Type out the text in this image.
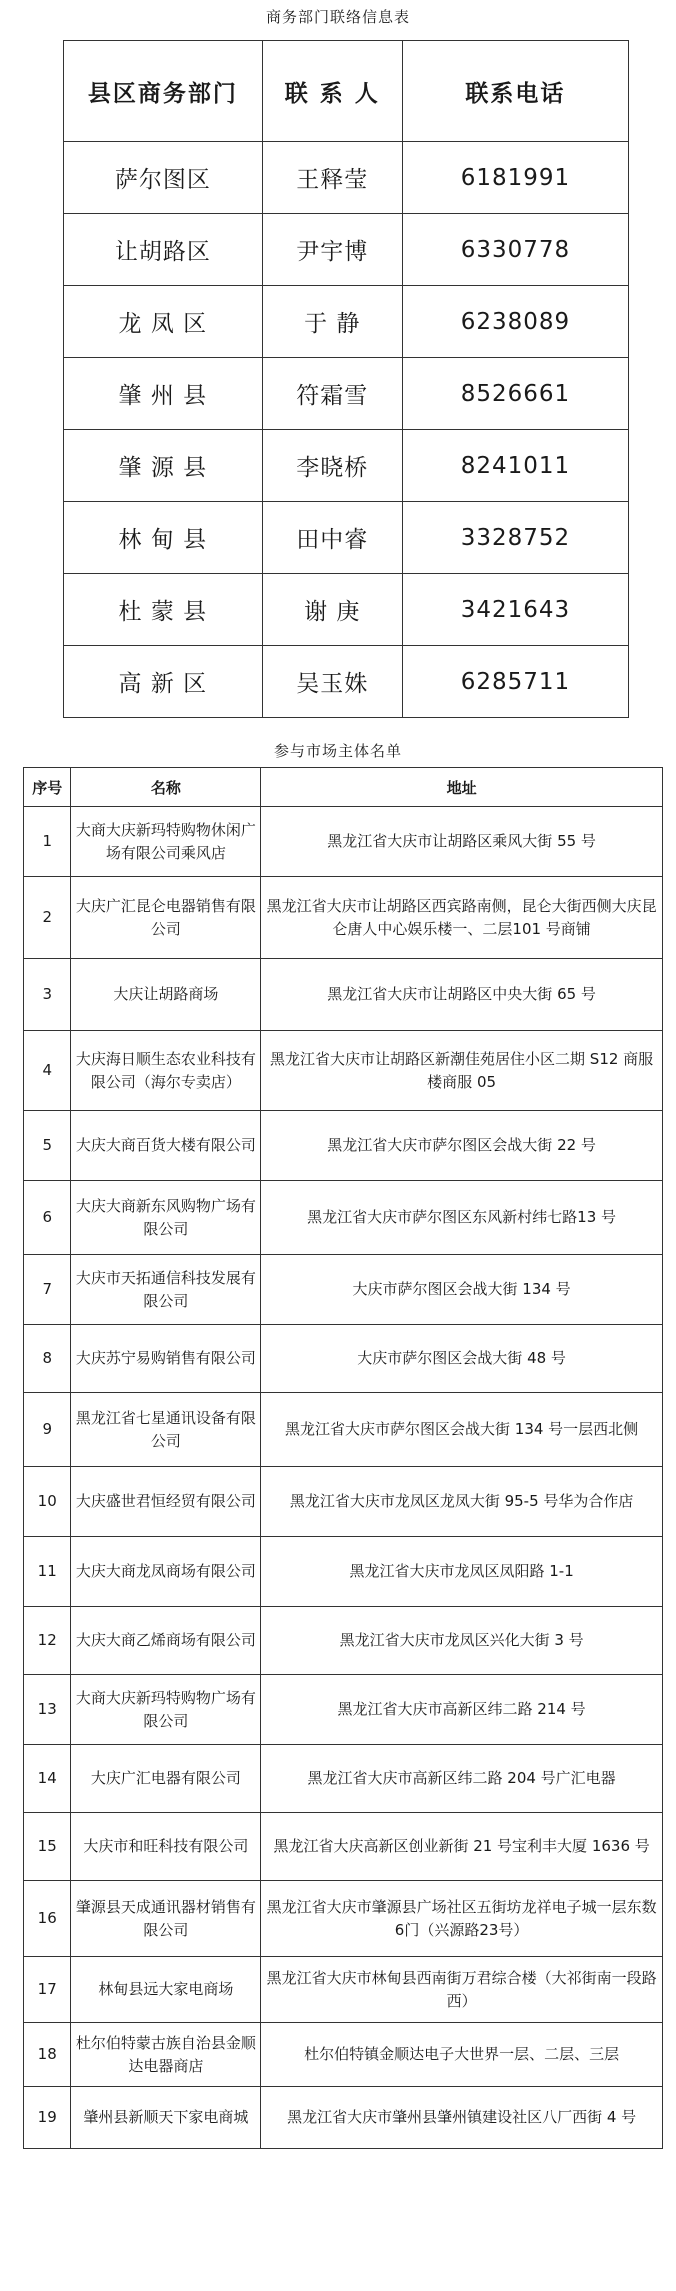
商务部门联络信息表
县区商务部门	联 系 人	联系电话
萨尔图区	王释莹	6181991
让胡路区	尹宇博	6330778
龙 凤 区	于 静	6238089
肇 州 县	符霜雪	8526661
肇 源 县	李晓桥	8241011
林 甸 县	田中睿	3328752
杜 蒙 县	谢 庚	3421643
高 新 区	吴玉姝	6285711
参与市场主体名单
序号	名称	地址
1	大商大庆新玛特购物休闲广场有限公司乘风店	黑龙江省大庆市让胡路区乘风大街 55 号
2	大庆广汇昆仑电器销售有限公司	黑龙江省大庆市让胡路区西宾路南侧，昆仑大街西侧大庆昆仑唐人中心娱乐楼一、二层101 号商铺
3	大庆让胡路商场	黑龙江省大庆市让胡路区中央大街 65 号
4	大庆海日顺生态农业科技有限公司（海尔专卖店）	黑龙江省大庆市让胡路区新潮佳苑居住小区二期 S12 商服楼商服 05
5	大庆大商百货大楼有限公司	黑龙江省大庆市萨尔图区会战大街 22 号
6	大庆大商新东风购物广场有限公司	黑龙江省大庆市萨尔图区东风新村纬七路13 号
7	大庆市天拓通信科技发展有限公司	大庆市萨尔图区会战大街 134 号
8	大庆苏宁易购销售有限公司	大庆市萨尔图区会战大街 48 号
9	黑龙江省七星通讯设备有限公司	黑龙江省大庆市萨尔图区会战大街 134 号一层西北侧
10	大庆盛世君恒经贸有限公司	黑龙江省大庆市龙凤区龙凤大街 95-5 号华为合作店
11	大庆大商龙凤商场有限公司	黑龙江省大庆市龙凤区凤阳路 1-1
12	大庆大商乙烯商场有限公司	黑龙江省大庆市龙凤区兴化大街 3 号
13	大商大庆新玛特购物广场有限公司	黑龙江省大庆市高新区纬二路 214 号
14	大庆广汇电器有限公司	黑龙江省大庆市高新区纬二路 204 号广汇电器
15	大庆市和旺科技有限公司	黑龙江省大庆高新区创业新街 21 号宝利丰大厦 1636 号
16	肇源县天成通讯器材销售有限公司	黑龙江省大庆市肇源县广场社区五街坊龙祥电子城一层东数6门（兴源路23号）
17	林甸县远大家电商场	黑龙江省大庆市林甸县西南街万君综合楼（大祁街南一段路西）
18	杜尔伯特蒙古族自治县金顺达电器商店	杜尔伯特镇金顺达电子大世界一层、二层、三层
19	肇州县新顺天下家电商城	黑龙江省大庆市肇州县肇州镇建设社区八厂西街 4 号
